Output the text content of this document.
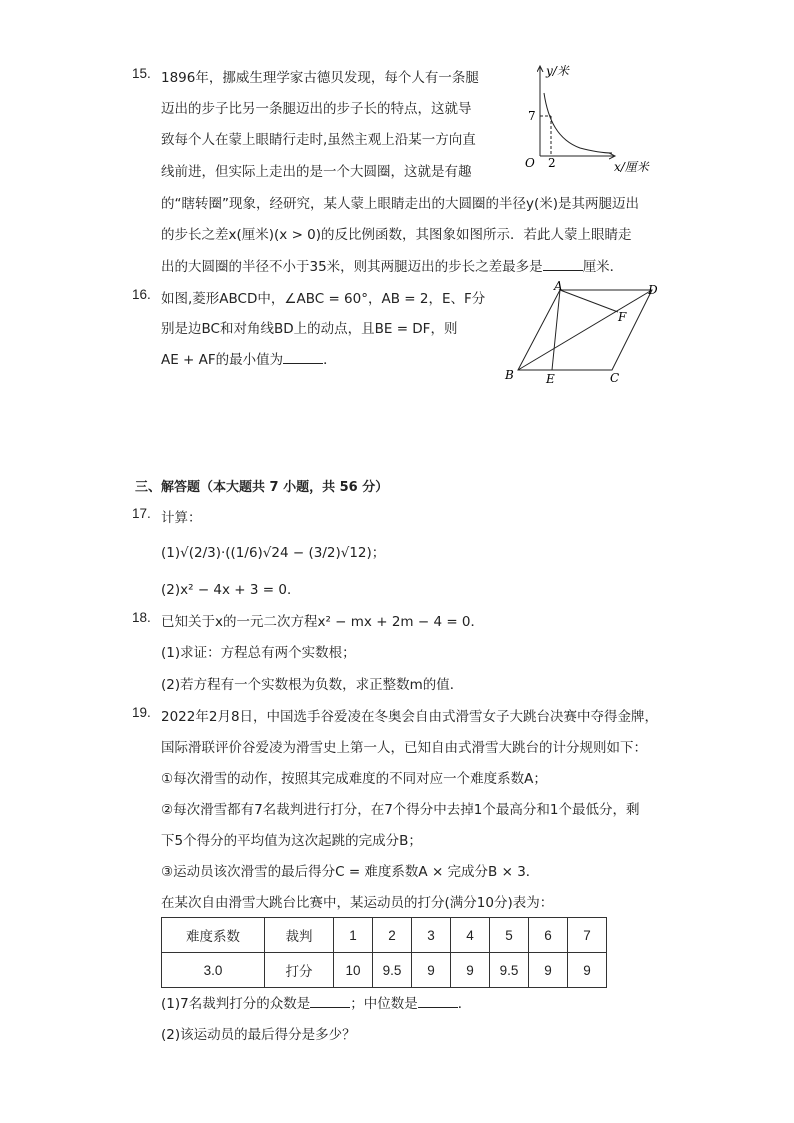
15. 1896年，挪威生理学家古德贝发现，每个人有一条腿
迈出的步子比另一条腿迈出的步子长的特点，这就导
致每个人在蒙上眼睛行走时,虽然主观上沿某一方向直
线前进，但实际上走出的是一个大圆圈，这就是有趣
的“瞎转圈”现象，经研究，某人蒙上眼睛走出的大圆圈的半径y(米)是其两腿迈出
的步长之差x(厘米)(x > 0)的反比例函数，其图象如图所示．若此人蒙上眼睛走
出的大圆圈的半径不小于35米，则其两腿迈出的步长之差最多是	厘米．
y/米
x/厘米
O
7
2
16. 如图,菱形ABCD中，∠ABC = 60°，AB = 2，E、F分
别是边BC和对角线BD上的动点，且BE = DF，则
AE + AF的最小值为	．
A	D
B	C
E
F
三、解答题（本大题共 7 小题，共 56 分）
17. 计算：
(1)√(2/3)·((1/6)√24 − (3/2)√12)；
(2)x² − 4x + 3 = 0．
18. 已知关于x的一元二次方程x² − mx + 2m − 4 = 0．
(1)求证：方程总有两个实数根；
(2)若方程有一个实数根为负数，求正整数m的值．
19. 2022年2月8日，中国选手谷爱凌在冬奥会自由式滑雪女子大跳台决赛中夺得金牌，
国际滑联评价谷爱凌为滑雪史上第一人，已知自由式滑雪大跳台的计分规则如下：
①每次滑雪的动作，按照其完成难度的不同对应一个难度系数A；
②每次滑雪都有7名裁判进行打分，在7个得分中去掉1个最高分和1个最低分，剩
下5个得分的平均值为这次起跳的完成分B；
③运动员该次滑雪的最后得分C = 难度系数A × 完成分B × 3．
在某次自由滑雪大跳台比赛中，某运动员的打分(满分10分)表为：
难度系数	裁判	1	2	3	4	5	6	7
3.0	打分	10	9.5	9	9	9.5	9	9
(1)7名裁判打分的众数是	；中位数是	．
(2)该运动员的最后得分是多少？
